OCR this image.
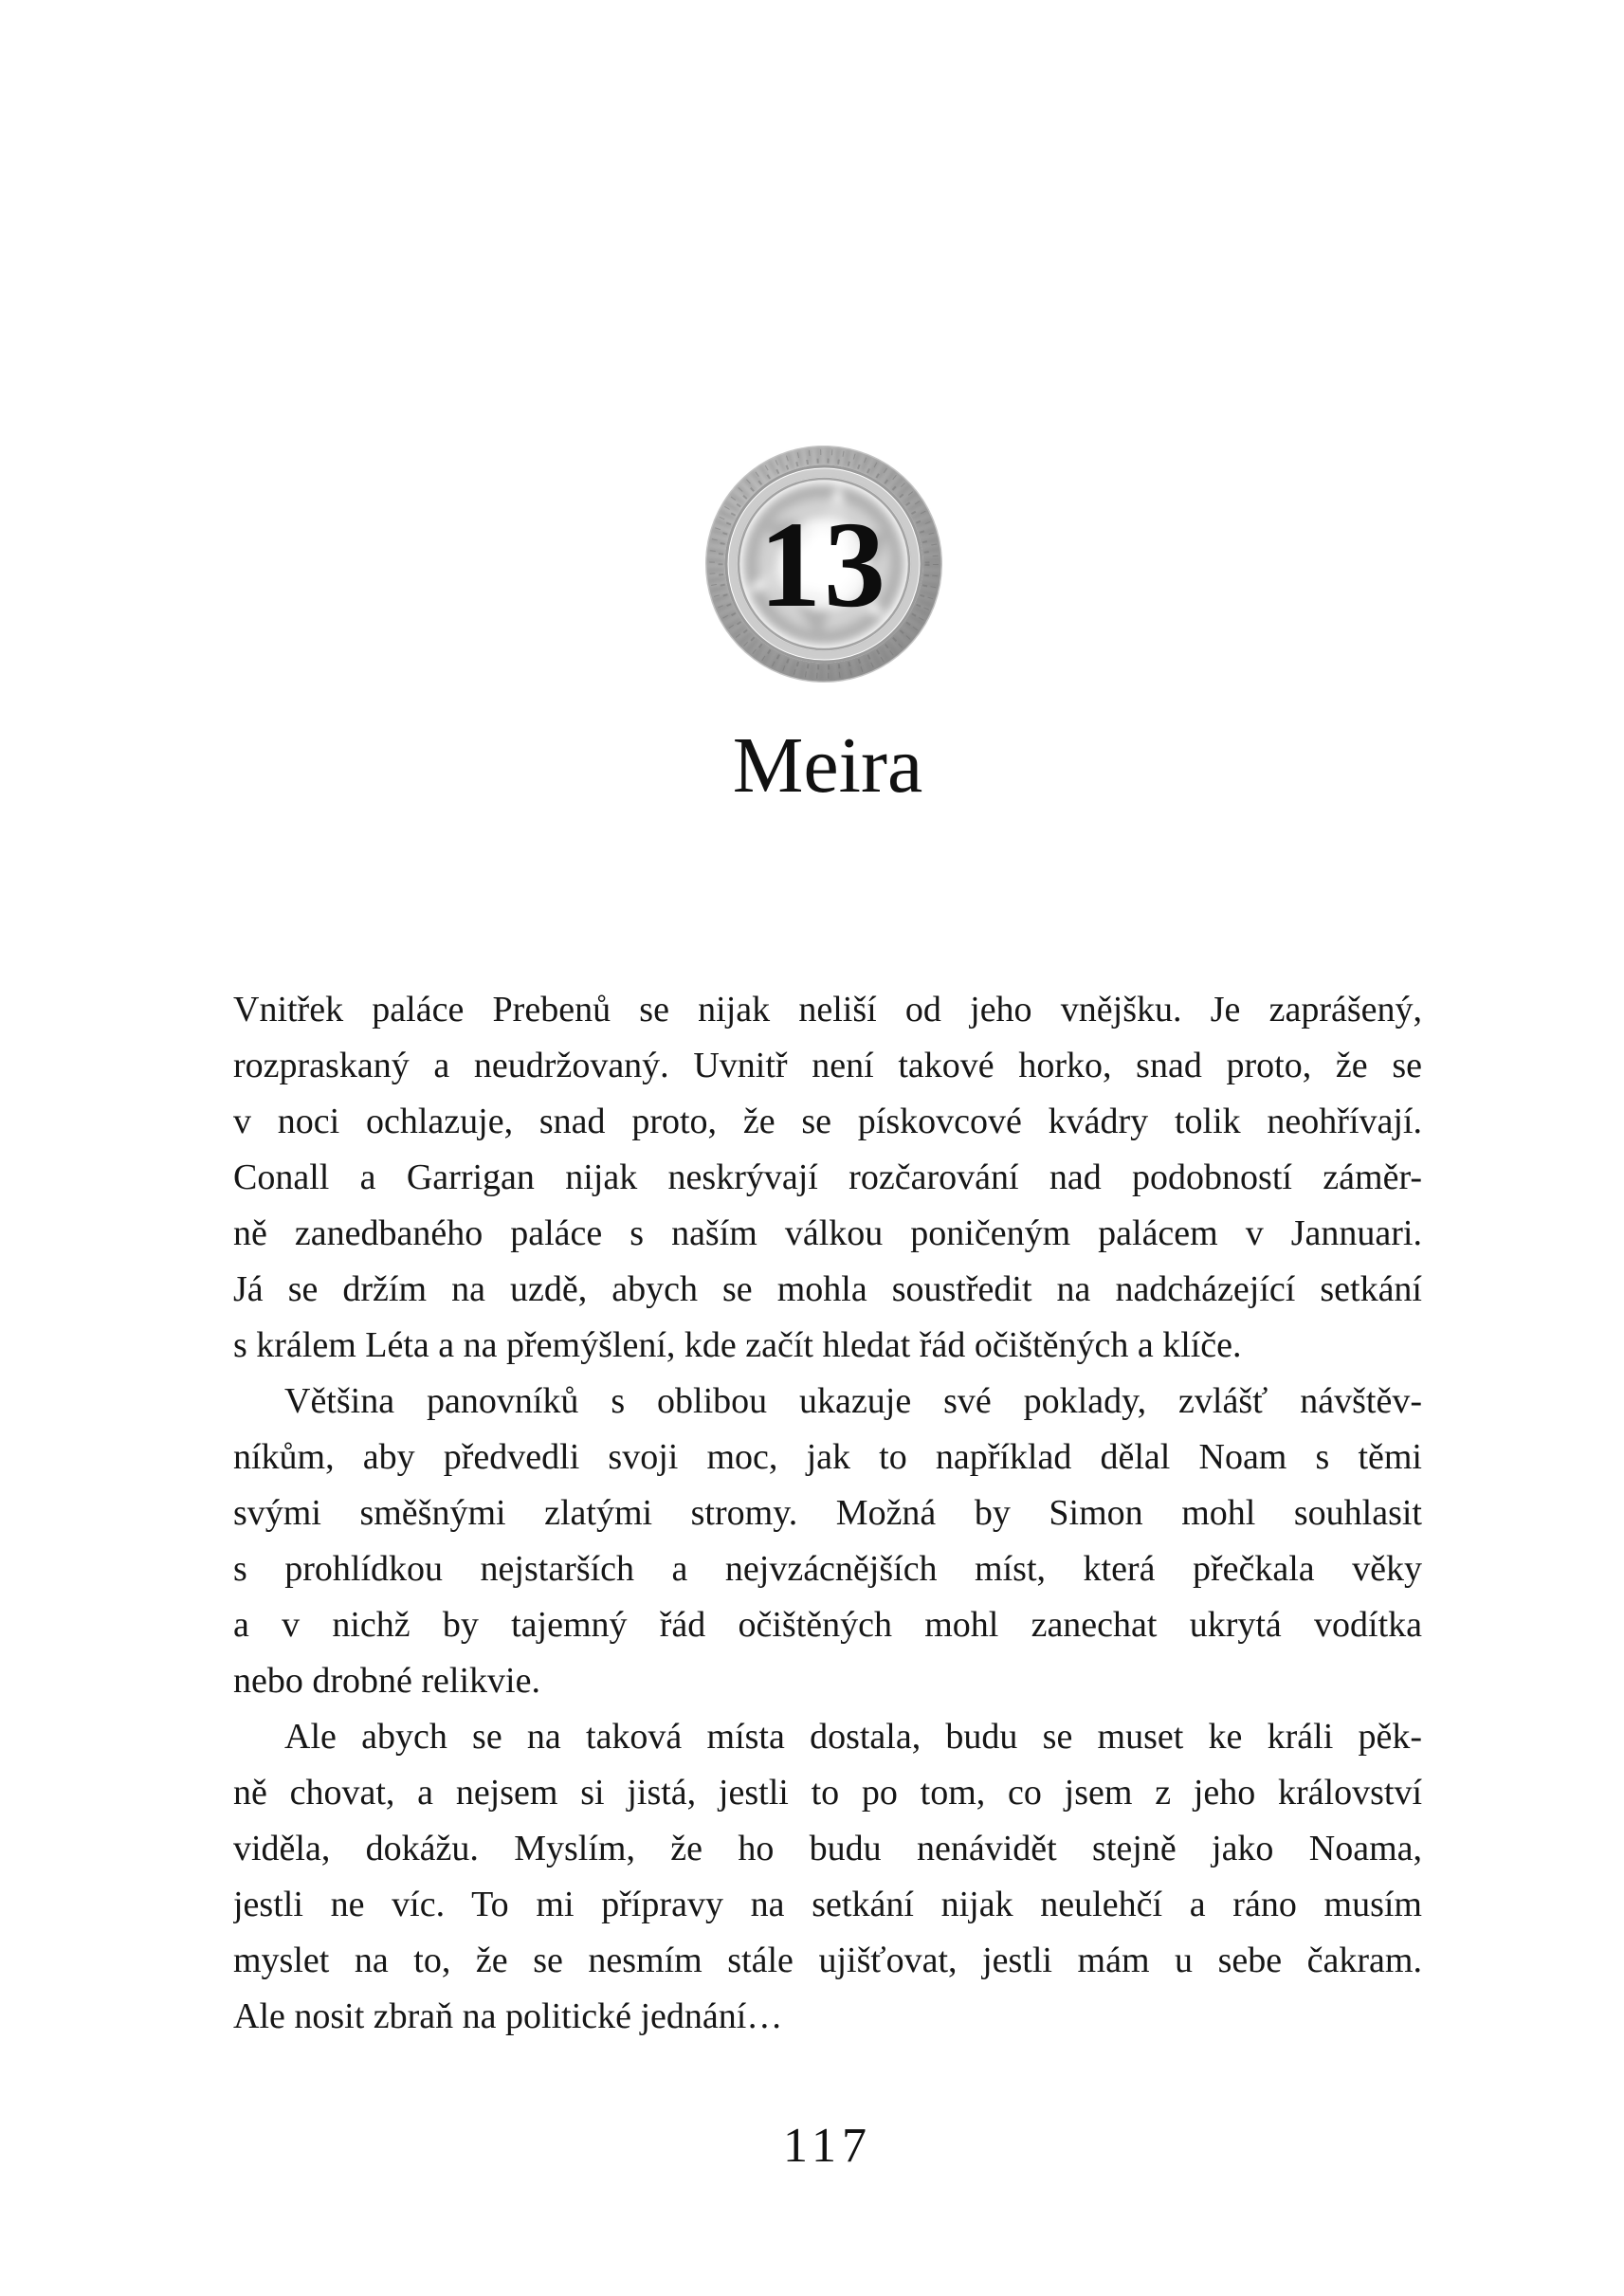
13
Meira
Vnitřek paláce Prebenů se nijak neliší od jeho vnějšku. Je zaprášený,
rozpraskaný a neudržovaný. Uvnitř není takové horko, snad proto, že se
v noci ochlazuje, snad proto, že se pískovcové kvádry tolik neohřívají.
Conall a Garrigan nijak neskrývají rozčarování nad podobností záměr-
ně zanedbaného paláce s naším válkou poničeným palácem v Jannuari.
Já se držím na uzdě, abych se mohla soustředit na nadcházející setkání
s králem Léta a na přemýšlení, kde začít hledat řád očištěných a klíče.
Většina panovníků s oblibou ukazuje své poklady, zvlášť návštěv-
níkům, aby předvedli svoji moc, jak to například dělal Noam s těmi
svými směšnými zlatými stromy. Možná by Simon mohl souhlasit
s prohlídkou nejstarších a nejvzácnějších míst, která přečkala věky
a v nichž by tajemný řád očištěných mohl zanechat ukrytá vodítka
nebo drobné relikvie.
Ale abych se na taková místa dostala, budu se muset ke králi pěk-
ně chovat, a nejsem si jistá, jestli to po tom, co jsem z jeho království
viděla, dokážu. Myslím, že ho budu nenávidět stejně jako Noama,
jestli ne víc. To mi přípravy na setkání nijak neulehčí a ráno musím
myslet na to, že se nesmím stále ujišťovat, jestli mám u sebe čakram.
Ale nosit zbraň na politické jednání…
117
